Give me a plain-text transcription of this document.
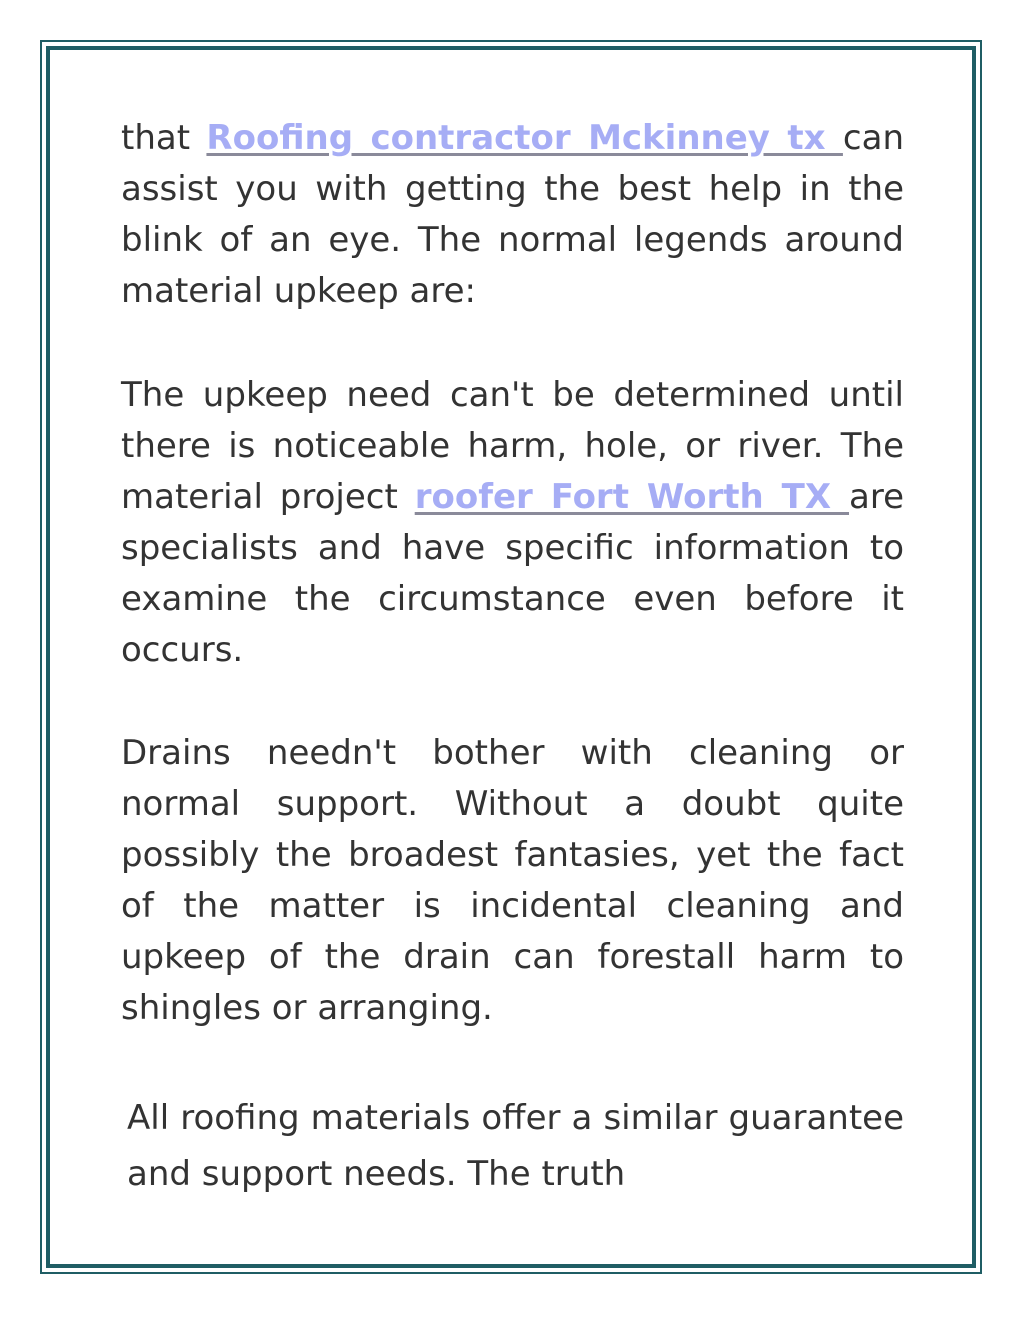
that Roofing contractor Mckinney tx can assist you with getting the best help in the blink of an eye. The normal legends around material upkeep are:

The upkeep need can't be determined until there is noticeable harm, hole, or river. The material project roofer Fort Worth TX are specialists and have specific information to examine the circumstance even before it occurs.

Drains needn't bother with cleaning or normal support. Without a doubt quite possibly the broadest fantasies, yet the fact of the matter is incidental cleaning and upkeep of the drain can forestall harm to shingles or arranging.

All roofing materials offer a similar guarantee and support needs. The truth
